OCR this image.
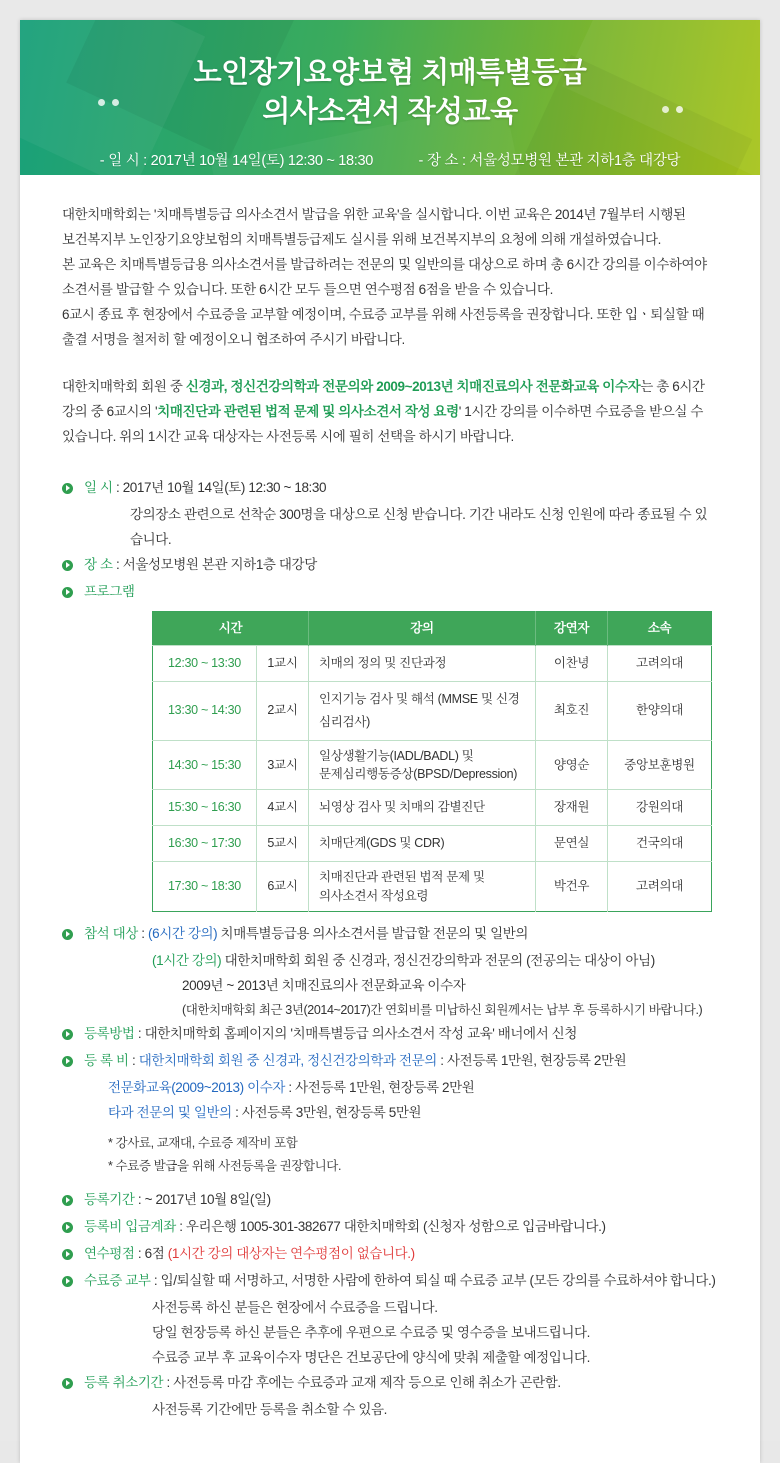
노인장기요양보험 치매특별등급
의사소견서 작성교육
- 일 시 : 2017년 10월 14일(토) 12:30 ~ 18:30	- 장 소 : 서울성모병원 본관 지하1층 대강당

대한치매학회는 '치매특별등급 의사소견서 발급을 위한 교육'을 실시합니다. 이번 교육은 2014년 7월부터 시행된

보건복지부 노인장기요양보험의 치매특별등급제도 실시를 위해 보건복지부의 요청에 의해 개설하였습니다.

본 교육은 치매특별등급용 의사소견서를 발급하려는 전문의 및 일반의를 대상으로 하며 총 6시간 강의를 이수하여야

소견서를 발급할 수 있습니다. 또한 6시간 모두 들으면 연수평점 6점을 받을 수 있습니다.

6교시 종료 후 현장에서 수료증을 교부할 예정이며, 수료증 교부를 위해 사전등록을 권장합니다. 또한 입ㆍ퇴실할 때

출결 서명을 철저히 할 예정이오니 협조하여 주시기 바랍니다.

대한치매학회 회원 중 신경과, 정신건강의학과 전문의와 2009~2013년 치매진료의사 전문화교육 이수자는 총 6시간

강의 중 6교시의 '치매진단과 관련된 법적 문제 및 의사소견서 작성 요령' 1시간 강의를 이수하면 수료증을 받으실 수

있습니다. 위의 1시간 교육 대상자는 사전등록 시에 필히 선택을 하시기 바랍니다.

일 시 : 2017년 10월 14일(토) 12:30 ~ 18:30
강의장소 관련으로 선착순 300명을 대상으로 신청 받습니다. 기간 내라도 신청 인원에 따라 종료될 수 있습니다.
장 소 : 서울성모병원 본관 지하1층 대강당
프로그램
시간		강의	강연자	소속
12:30 ~ 13:30	1교시	치매의 정의 및 진단과정	이찬녕	고려의대
13:30 ~ 14:30	2교시	인지기능 검사 및 해석 (MMSE 및 신경심리검사)	최호진	한양의대
14:30 ~ 15:30	3교시	일상생활기능(IADL/BADL) 및
문제심리행동증상(BPSD/Depression)	양영순	중앙보훈병원
15:30 ~ 16:30	4교시	뇌영상 검사 및 치매의 감별진단	장재원	강원의대
16:30 ~ 17:30	5교시	치매단계(GDS 및 CDR)	문연실	건국의대
17:30 ~ 18:30	6교시	치매진단과 관련된 법적 문제 및
의사소견서 작성요령	박건우	고려의대
참석 대상 : (6시간 강의) 치매특별등급용 의사소견서를 발급할 전문의 및 일반의
(1시간 강의) 대한치매학회 회원 중 신경과, 정신건강의학과 전문의 (전공의는 대상이 아님)
2009년 ~ 2013년 치매진료의사 전문화교육 이수자
(대한치매학회 최근 3년(2014~2017)간 연회비를 미납하신 회원께서는 납부 후 등록하시기 바랍니다.)
등록방법 : 대한치매학회 홈페이지의 '치매특별등급 의사소견서 작성 교육' 배너에서 신청
등 록 비 : 대한치매학회 회원 중 신경과, 정신건강의학과 전문의 : 사전등록 1만원, 현장등록 2만원
전문화교육(2009~2013) 이수자 : 사전등록 1만원, 현장등록 2만원
타과 전문의 및 일반의 : 사전등록 3만원, 현장등록 5만원
* 강사료, 교재대, 수료증 제작비 포함
* 수료증 발급을 위해 사전등록을 권장합니다.
등록기간 : ~ 2017년 10월 8일(일)
등록비 입금계좌 : 우리은행 1005-301-382677 대한치매학회 (신청자 성함으로 입금바랍니다.)
연수평점 : 6점 (1시간 강의 대상자는 연수평점이 없습니다.)
수료증 교부 : 입/퇴실할 때 서명하고, 서명한 사람에 한하여 퇴실 때 수료증 교부 (모든 강의를 수료하셔야 합니다.)
사전등록 하신 분들은 현장에서 수료증을 드립니다.
당일 현장등록 하신 분들은 추후에 우편으로 수료증 및 영수증을 보내드립니다.
수료증 교부 후 교육이수자 명단은 건보공단에 양식에 맞춰 제출할 예정입니다.
등록 취소기간 : 사전등록 마감 후에는 수료증과 교재 제작 등으로 인해 취소가 곤란함.
사전등록 기간에만 등록을 취소할 수 있음.
